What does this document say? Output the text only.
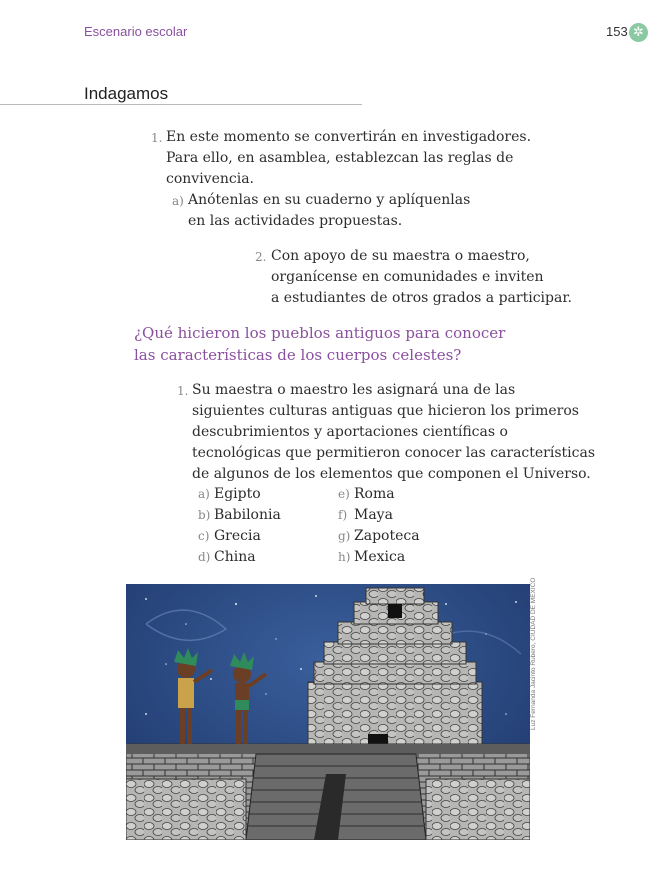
Escenario escolar	153 ✲
Indagamos
1. En este momento se convertirán en investigadores.
Para ello, en asamblea, establezcan las reglas de
convivencia.
a) Anótenlas en su cuaderno y aplíquenlas
en las actividades propuestas.
2. Con apoyo de su maestra o maestro,
organícense en comunidades e inviten
a estudiantes de otros grados a participar.
¿Qué hicieron los pueblos antiguos para conocer
las características de los cuerpos celestes?
1. Su maestra o maestro les asignará una de las
siguientes culturas antiguas que hicieron los primeros
descubrimientos y aportaciones científicas o
tecnológicas que permitieron conocer las características
de algunos de los elementos que componen el Universo.
a) Egipto
b) Babilonia
c) Grecia
d) China
e) Roma
f) Maya
g) Zapoteca
h) Mexica
Luz Fernanda Jacinto Rubero, CIUDAD DE MÉXICO
